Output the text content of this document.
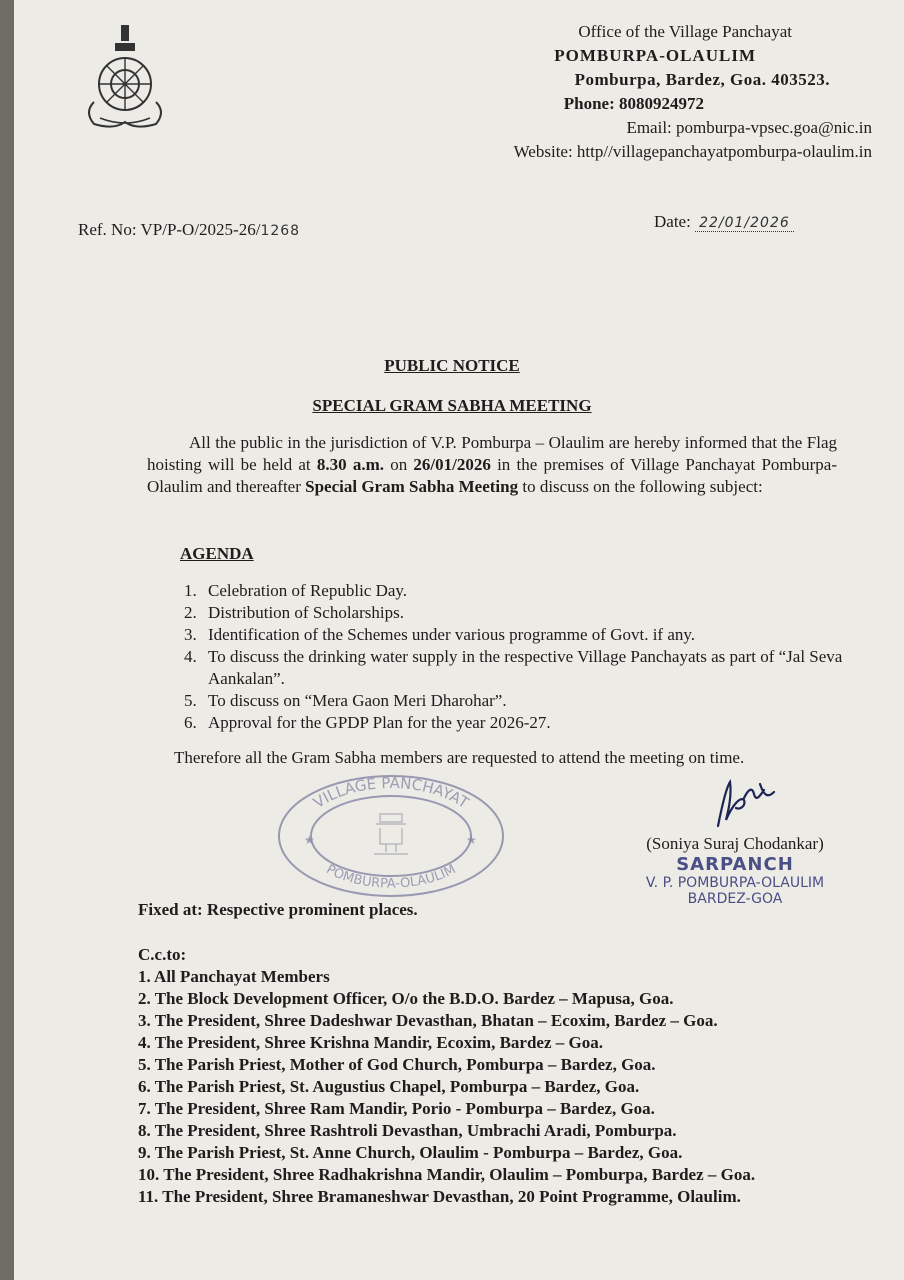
Office of the Village Panchayat
POMBURPA-OLAULIM
Pomburpa, Bardez, Goa. 403523.
Phone: 8080924972
Email: pomburpa-vpsec.goa@nic.in
Website: http//villagepanchayatpomburpa-olaulim.in
Ref. No: VP/P-O/2025-26/1268	Date: 22/01/2026
PUBLIC NOTICE
SPECIAL GRAM SABHA MEETING
All the public in the jurisdiction of V.P. Pomburpa – Olaulim are hereby informed that the Flag hoisting will be held at 8.30 a.m. on 26/01/2026 in the premises of Village Panchayat Pomburpa-Olaulim and thereafter Special Gram Sabha Meeting to discuss on the following subject:
AGENDA
1. Celebration of Republic Day.
2. Distribution of Scholarships.
3. Identification of the Schemes under various programme of Govt. if any.
4. To discuss the drinking water supply in the respective Village Panchayats as part of “Jal Seva Aankalan”.
5. To discuss on “Mera Gaon Meri Dharohar”.
6. Approval for the GPDP Plan for the year 2026-27.
Therefore all the Gram Sabha members are requested to attend the meeting on time.
VILLAGE PANCHAYAT
POMBURPA-OLAULIM
★	★	(Soniya Suraj Chodankar)
SARPANCH
V. P. POMBURPA-OLAULIM
BARDEZ-GOA
Fixed at: Respective prominent places.
C.c.to:
1. All Panchayat Members
2. The Block Development Officer, O/o the B.D.O. Bardez – Mapusa, Goa.
3. The President, Shree Dadeshwar Devasthan, Bhatan – Ecoxim, Bardez – Goa.
4. The President, Shree Krishna Mandir, Ecoxim, Bardez – Goa.
5. The Parish Priest, Mother of God Church, Pomburpa – Bardez, Goa.
6. The Parish Priest, St. Augustius Chapel, Pomburpa – Bardez, Goa.
7. The President, Shree Ram Mandir, Porio - Pomburpa – Bardez, Goa.
8. The President, Shree Rashtroli Devasthan, Umbrachi Aradi, Pomburpa.
9. The Parish Priest, St. Anne Church, Olaulim - Pomburpa – Bardez, Goa.
10. The President, Shree Radhakrishna Mandir, Olaulim – Pomburpa, Bardez – Goa.
11. The President, Shree Bramaneshwar Devasthan, 20 Point Programme, Olaulim.
